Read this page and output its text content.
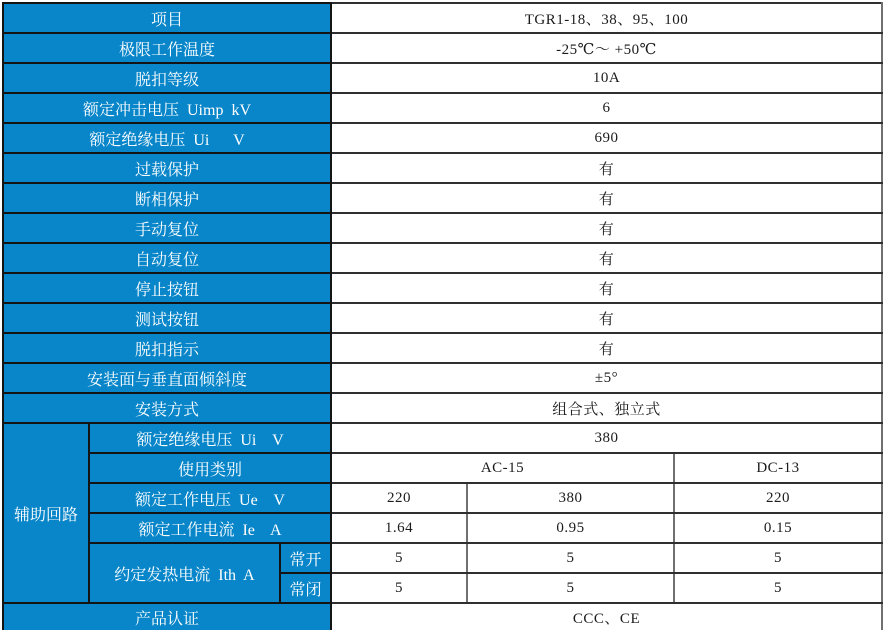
项目			TGR1-18、38、95、100		
极限工作温度			-25℃～ +50℃		
脱扣等级			10A		
额定冲击电压  Uimp  kV			6		
额定绝缘电压  Ui      V			690		
过载保护			有		
断相保护			有		
手动复位			有		
自动复位			有		
停止按钮			有		
测试按钮			有		
脱扣指示			有		
安装面与垂直面倾斜度			±5°		
安装方式			组合式、独立式		
辅助回路	额定绝缘电压  Ui    V		380		
	使用类别		AC-15		DC-13
	额定工作电压  Ue    V		220	380	220
	额定工作电流  Ie    A		1.64	0.95	0.15
	约定发热电流  Ith  A	常开	5	5	5
		常闭	5	5	5
产品认证			CCC、CE		
